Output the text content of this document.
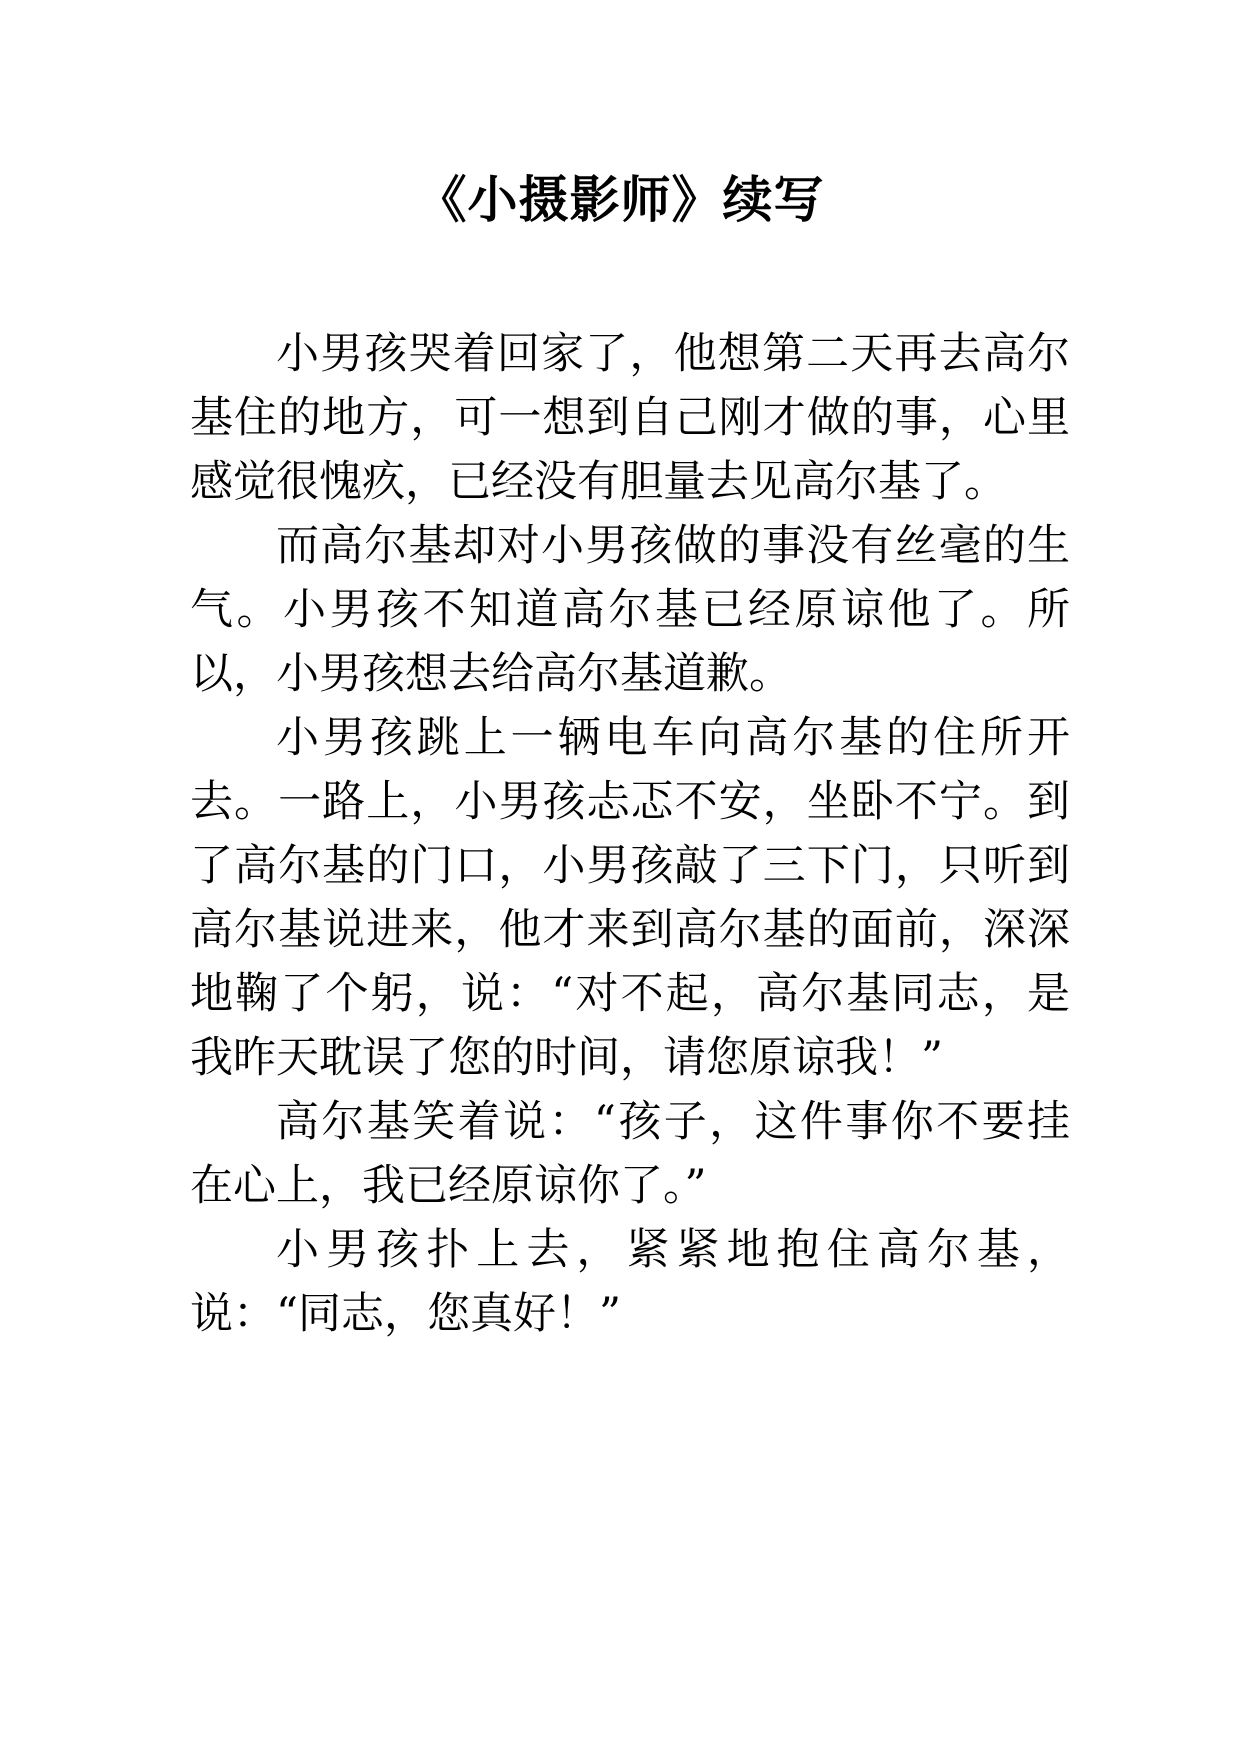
《小摄影师》续写

小男孩哭着回家了，他想第二天再去高尔基住的地方，可一想到自己刚才做的事，心里感觉很愧疚，已经没有胆量去见高尔基了。

而高尔基却对小男孩做的事没有丝毫的生气。小男孩不知道高尔基已经原谅他了。所以，小男孩想去给高尔基道歉。

小男孩跳上一辆电车向高尔基的住所开去。一路上，小男孩忐忑不安，坐卧不宁。到了高尔基的门口，小男孩敲了三下门，只听到高尔基说进来，他才来到高尔基的面前，深深地鞠了个躬，说：“对不起，高尔基同志，是我昨天耽误了您的时间，请您原谅我！”

高尔基笑着说：“孩子，这件事你不要挂在心上，我已经原谅你了。”

小男孩扑上去，紧紧地抱住高尔基，说：“同志，您真好！”
